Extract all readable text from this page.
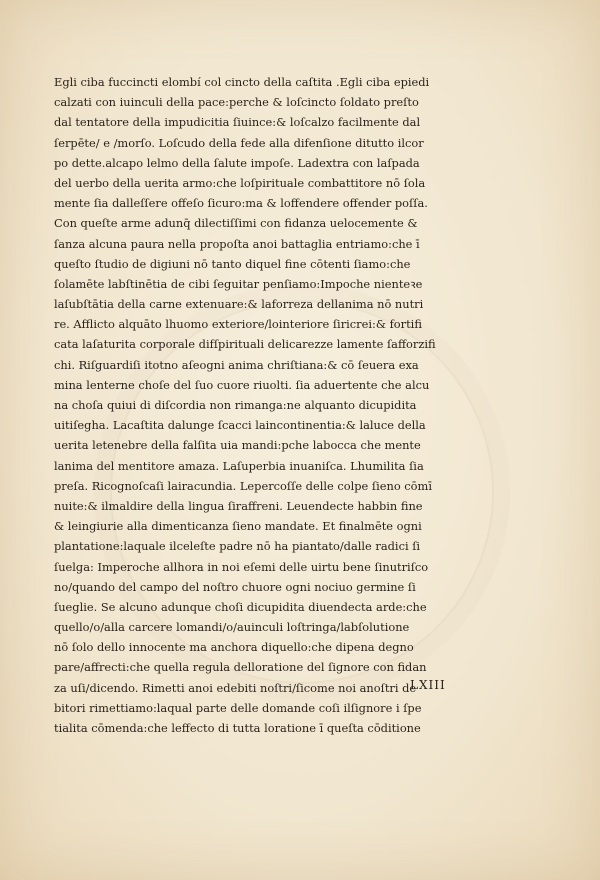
Egli cibа fuccincti elombí col cincto della caſtita .Egli cibа epiedi
calzati con iuinculi della pace:perche & loſcincto ſoldato preſto
dal tentatore della impudicitia ſiuince:& loſcalzo facilmente dal
ſerpēte/ e /morſo. Loſcudo della fede alla difenſione dituttо ilcor
po dette.alcapo lelmo della ſalute impoſe. Ladextra con laſpada
del uerbo della uerita armo:che loſpirituale combattitore nō ſola
mente ſia dalleſſere offeſo ſicuro:ma & loffendere offender poſſa.
Con queſte arme adunq̄ dilectiſſimi con fidanza uelocemente &
ſanza alcuna paura nella propoſta anoi battaglia entriamo:che ī
queſto ſtudio de digiuni nō tanto diquel fine cōtenti ſiamo:che
ſolamēte labſtinētia de cibi ſeguitar penſiamo:Impoche nienteꝛe
laſubſtātia della carne extenuare:& laforreza dellanima nō nutri
re. Afflicto alquāto lhuomo exteriore/lointeriore ſiricrei:& fortifi
cata laſaturita corporale difſpirituali delicarezze lamente ſafforzifi
chi. Riſguardiſi itotno aſeogni anima chriſtiana:& cō ſeuera exa
mina lenterne choſe del ſuo cuore riuolti. ſia aduertente che alcu
na choſa quiui di diſcordia non rimanga:ne alquanto dicupidita
uitiſegha. Lacaſtita dalunge ſcacci laincontinentia:& laluce della
uerita letenebre della falſita uia mandi:pche labocca che mente
lanima del mentitore amaza. Laſuperbia inuaniſca. Lhumilita ſia
preſa. Ricognoſcaſi lairacundia. Lepercoſſe delle colpe ſieno cōmī
nuite:& ilmaldire della lingua ſiraffreni. Leuendecte habbin fine
& leingiurie alla dimenticanza ſieno mandate. Et finalmēte ogni
plantatione:laquale ilceleſte padre nō ha piantato/dalle radici ſi
ſuelga: Imperoche allhora in noi eſemi delle uirtu bene ſinutriſco
no/quando del campo del noſtro chuore ogni nociuo germine ſi
ſueglie. Se alcuno adunque choſi dicupidita diuendecta arde:che
quello/o/alla carcere lomandi/o/auinculi loſtringa/labſolutione
nō ſolo dello innocente ma anchora diquello:che dipena degno
pare/affrecti:che quella regula delloratione del ſignore con fidan
za uſi/dicendo. Rimetti anoi edebiti noſtri/ſicome noi anoſtri de
bitori rimettiamo:laqual parte delle domande coſi ilſignore i ſpe
tialita cōmenda:che leffecto di tutta loratione ī queſta cōditione
LXIII
